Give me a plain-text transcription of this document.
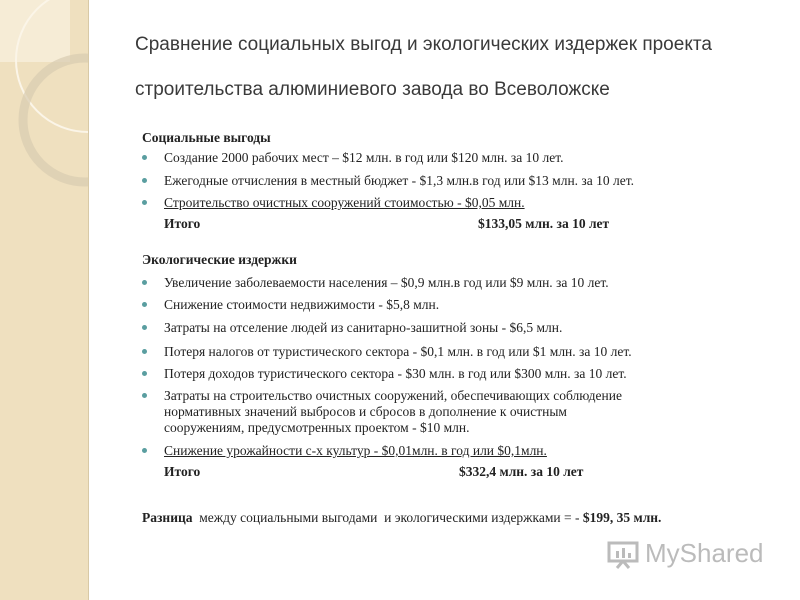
Сравнение социальных выгод и экологических издержек проекта
строительства алюминиевого завода во Всеволожске
Социальные выгоды
Создание 2000 рабочих мест – $12 млн. в год или $120 млн. за 10 лет.
Ежегодные отчисления в местный бюджет - $1,3 млн.в год или $13 млн. за 10 лет.
Строительство очистных сооружений стоимостью - $0,05 млн.
Итого	$133,05 млн. за 10 лет
Экологические издержки
Увеличение заболеваемости населения – $0,9 млн.в год или $9 млн. за 10 лет.
Снижение стоимости недвижимости - $5,8 млн.
Затраты на отселение людей из санитарно-зашитной зоны - $6,5 млн.
Потеря налогов от туристического сектора - $0,1 млн. в год или $1 млн. за 10 лет.
Потеря доходов туристического сектора - $30 млн. в год или $300 млн. за 10 лет.
Затраты на строительство очистных сооружений, обеспечивающих соблюдение
нормативных значений выбросов и сбросов в дополнение к очистным
сооружениям, предусмотренных проектом - $10 млн.
Снижение урожайности с-х культур - $0,01млн. в год или $0,1млн.
Итого	$332,4 млн. за 10 лет
Разница  между социальными выгодами  и экологическими издержками = - $199, 35 млн.
MyShared
